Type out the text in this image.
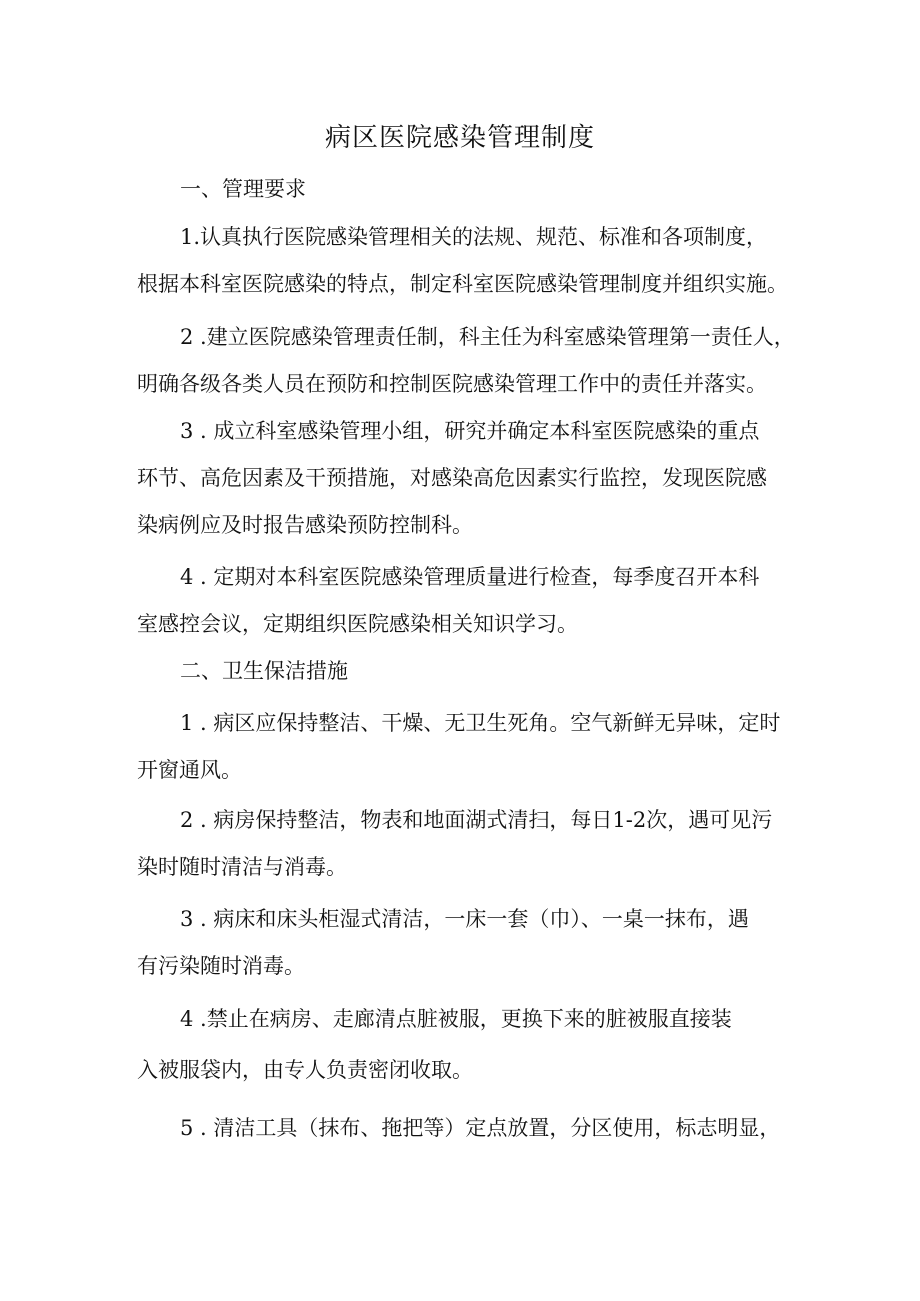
病区医院感染管理制度
一、管理要求
1.认真执行医院感染管理相关的法规、规范、标准和各项制度，
根据本科室医院感染的特点，制定科室医院感染管理制度并组织实施。
2 .建立医院感染管理责任制，科主任为科室感染管理第一责任人，
明确各级各类人员在预防和控制医院感染管理工作中的责任并落实。
3 . 成立科室感染管理小组，研究并确定本科室医院感染的重点
环节、高危因素及干预措施，对感染高危因素实行监控，发现医院感
染病例应及时报告感染预防控制科。
4 . 定期对本科室医院感染管理质量进行检查，每季度召开本科
室感控会议，定期组织医院感染相关知识学习。
二、卫生保洁措施
1 . 病区应保持整洁、干燥、无卫生死角。空气新鲜无异味，定时
开窗通风。
2 . 病房保持整洁，物表和地面湖式清扫，每日1-2次，遇可见污
染时随时清洁与消毒。
3 . 病床和床头柜湿式清洁，一床一套（巾）、一桌一抹布，遇
有污染随时消毒。
4 .禁止在病房、走廊清点脏被服，更换下来的脏被服直接装
入被服袋内，由专人负责密闭收取。
5 . 清洁工具（抹布、拖把等）定点放置，分区使用，标志明显，
